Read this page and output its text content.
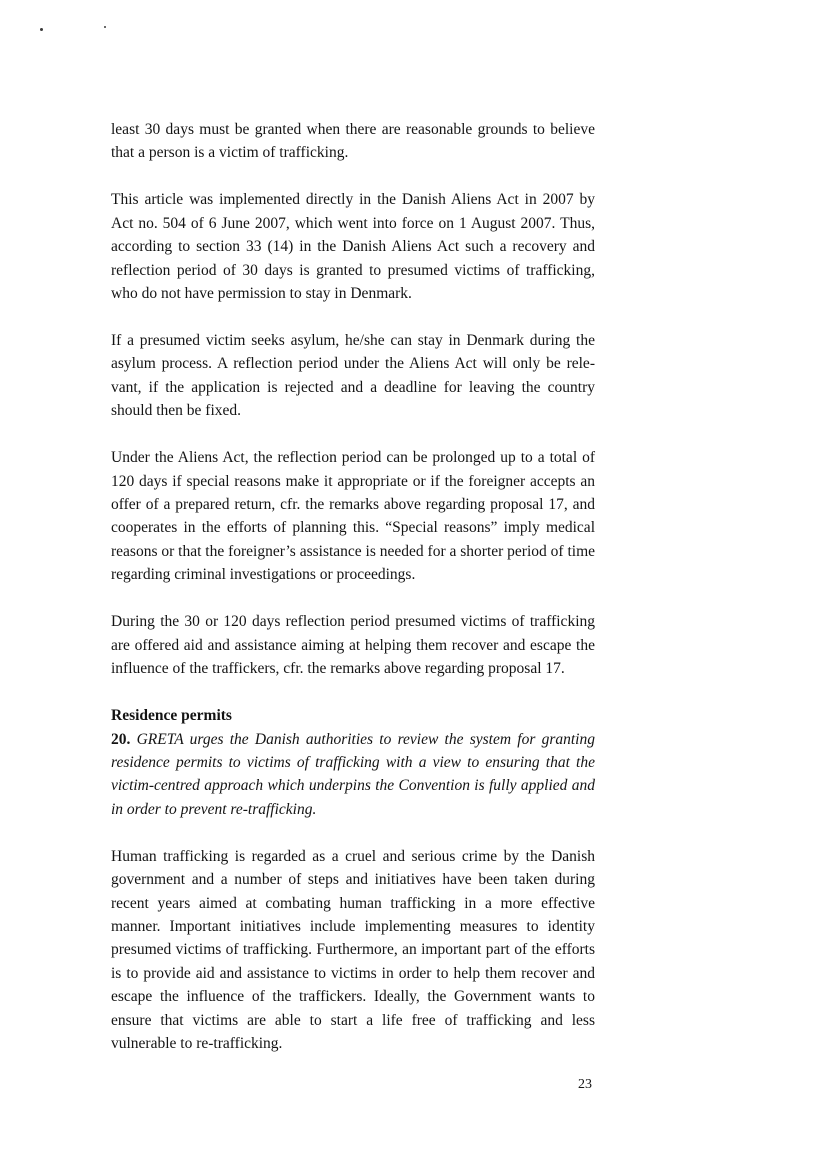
least 30 days must be granted when there are reasonable grounds to believe that a person is a victim of trafficking.

This article was implemented directly in the Danish Aliens Act in 2007 by Act no. 504 of 6 June 2007, which went into force on 1 August 2007. Thus, according to section 33 (14) in the Danish Aliens Act such a recovery and reflection period of 30 days is granted to presumed victims of trafficking, who do not have permission to stay in Denmark.

If a presumed victim seeks asylum, he/she can stay in Denmark during the asylum process. A reflection period under the Aliens Act will only be relevant, if the application is rejected and a deadline for leaving the country should then be fixed.

Under the Aliens Act, the reflection period can be prolonged up to a total of 120 days if special reasons make it appropriate or if the foreigner accepts an offer of a prepared return, cfr. the remarks above regarding proposal 17, and cooperates in the efforts of planning this. “Special reasons” imply medical reasons or that the foreigner’s assistance is needed for a shorter period of time regarding criminal investigations or proceedings.

During the 30 or 120 days reflection period presumed victims of trafficking are offered aid and assistance aiming at helping them recover and escape the influence of the traffickers, cfr. the remarks above regarding proposal 17.

Residence permits

20. GRETA urges the Danish authorities to review the system for granting residence permits to victims of trafficking with a view to ensuring that the victim-centred approach which underpins the Convention is fully applied and in order to prevent re-trafficking.

Human trafficking is regarded as a cruel and serious crime by the Danish government and a number of steps and initiatives have been taken during recent years aimed at combating human trafficking in a more effective manner. Important initiatives include implementing measures to identity presumed victims of trafficking. Furthermore, an important part of the efforts is to provide aid and assistance to victims in order to help them recover and escape the influence of the traffickers. Ideally, the Government wants to ensure that victims are able to start a life free of trafficking and less vulnerable to re-trafficking.

23
